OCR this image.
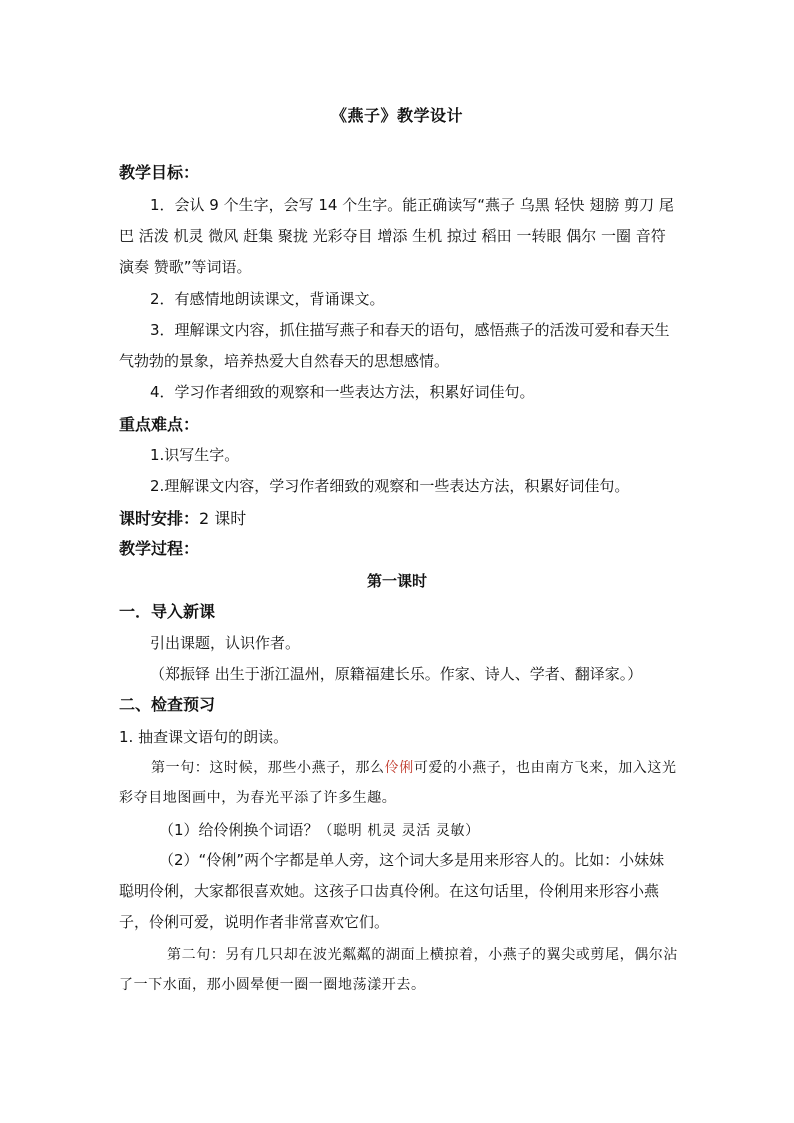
《燕子》教学设计
教学目标：

1．会认 9 个生字，会写 14 个生字。能正确读写“燕子 乌黑 轻快 翅膀 剪刀 尾巴 活泼 机灵 微风 赶集 聚拢 光彩夺目 增添 生机 掠过 稻田 一转眼 偶尔 一圈 音符 演奏 赞歌”等词语。

2．有感情地朗读课文，背诵课文。

3．理解课文内容，抓住描写燕子和春天的语句，感悟燕子的活泼可爱和春天生气勃勃的景象，培养热爱大自然春天的思想感情。

4．学习作者细致的观察和一些表达方法，积累好词佳句。

重点难点：

1.识写生字。

2.理解课文内容，学习作者细致的观察和一些表达方法，积累好词佳句。

课时安排：2 课时
教学过程：
第一课时
一．导入新课
引出课题，认识作者。
（郑振铎 出生于浙江温州，原籍福建长乐。作家、诗人、学者、翻译家。）
二、检查预习
1. 抽查课文语句的朗读。

第一句：这时候，那些小燕子，那么伶俐可爱的小燕子，也由南方飞来，加入这光彩夺目地图画中，为春光平添了许多生趣。

（1）给伶俐换个词语？（聪明 机灵 灵活 灵敏）

（2）“伶俐”两个字都是单人旁，这个词大多是用来形容人的。比如：小妹妹聪明伶俐，大家都很喜欢她。这孩子口齿真伶俐。在这句话里，伶俐用来形容小燕子，伶俐可爱，说明作者非常喜欢它们。

第二句：另有几只却在波光粼粼的湖面上横掠着，小燕子的翼尖或剪尾，偶尔沾了一下水面，那小圆晕便一圈一圈地荡漾开去。
